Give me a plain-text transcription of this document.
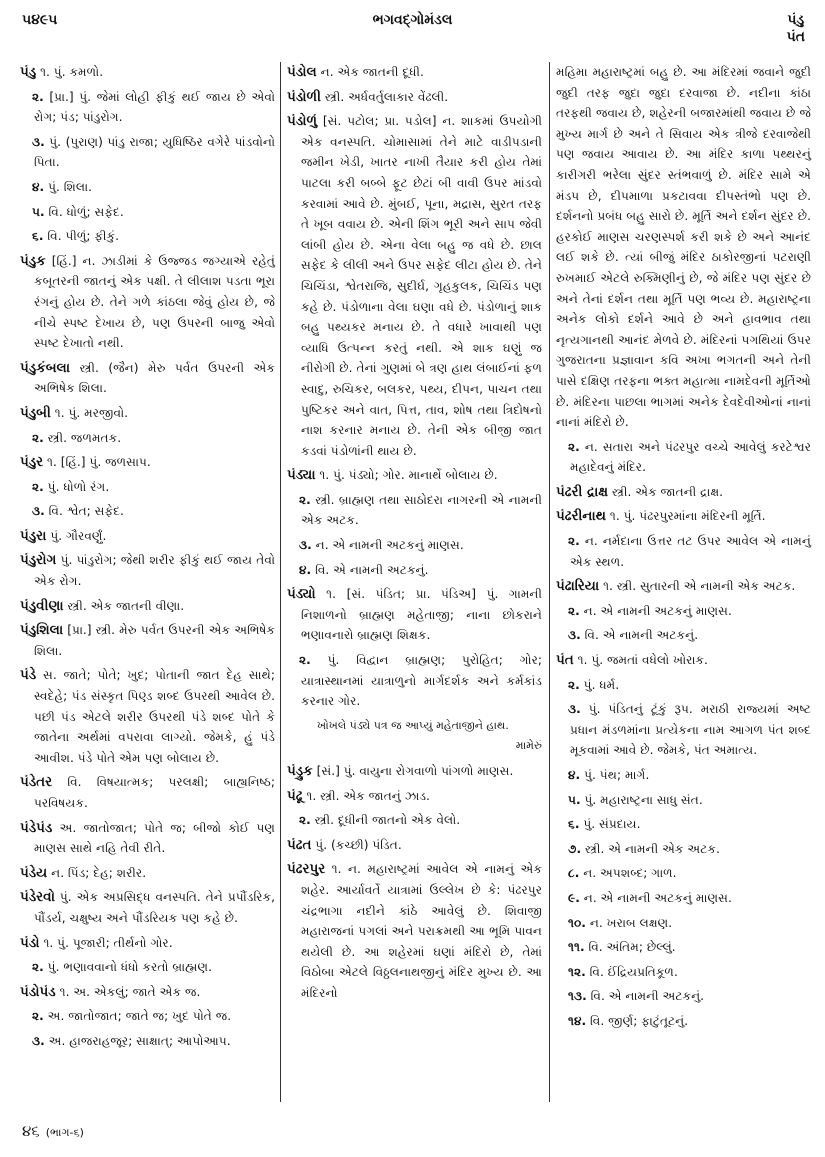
૫૪૯૫	ભગવદ્ગોમંડલ	પંડુ
પંત
પંડુ ૧. પું. કમળો.
૨. [પ્રા.] પું. જેમાં લોહી ફીકું થઈ જાય છે એવો રોગ; પંડ; પાંડુરોગ.
૩. પું. (પુરાણ) પાંડુ રાજા; યુધિષ્ઠિર વગેરે પાંડવોનો પિતા.
૪. પું. શિલા.
૫. વિ. ધોળું; સફેદ.
૬. વિ. પીળું; ફીકું.
પંડુક [હિં.] ન. ઝાડીમાં કે ઉજ્જડ જગ્યાએ રહેતું કબૂતરની જાતનું એક પક્ષી. તે લીલાશ પડતા ભૂરા રંગનું હોય છે. તેને ગળે કાંઠલા જેવું હોય છે, જે નીચે સ્પષ્ટ દેખાય છે, પણ ઉપરની બાજુ એવો સ્પષ્ટ દેખાતો નથી.
પંડુકંબલા સ્ત્રી. (જૈન) મેરુ પર્વત ઉપરની એક અભિષેક શિલા.
પંડુબી ૧. પું. મરજીવો.
૨. સ્ત્રી. જળમતક.
પંડુર ૧. [હિં.] પું. જળસાપ.
૨. પું. ધોળો રંગ.
૩. વિ. શ્વેત; સફેદ.
પંડુરા પું. ગૌરવર્ણું.
પંડુરોગ પું. પાંડુરોગ; જેથી શરીર ફીકું થઈ જાય તેવો એક રોગ.
પંડુવીણા સ્ત્રી. એક જાતની વીણા.
પંડુશિલા [પ્રા.] સ્ત્રી. મેરુ પર્વત ઉપરની એક અભિષેક શિલા.
પંડે સ. જાતે; પોતે; ખુદ; પોતાની જાત દેહ સાથે; સ્વદેહે; પંડ સંસ્કૃત પિણ્ડ શબ્દ ઉપરથી આવેલ છે. પછી પંડ એટલે શરીર ઉપરથી પંડે શબ્દ પોતે કે જાતેના અર્થમાં વપરાવા લાગ્યો. જેમકે, હું પંડે આવીશ. પંડે પોતે એમ પણ બોલાય છે.
પંડેતર વિ. વિષયાત્મક; પરલક્ષી; બાહ્યનિષ્ઠ; પરવિષયક.
પંડેપંડ અ. જાતોજાત; પોતે જ; બીજો કોઈ પણ માણસ સાથે નહિ તેવી રીતે.
પંડેય ન. પિંડ; દેહ; શરીર.
પંડેરવો પું. એક અપ્રસિદ્ધ વનસ્પતિ. તેને પ્રપૌંડરિક, પૌંડર્ય, ચક્ષુષ્ય અને પૌંડરિયક પણ કહે છે.
પંડો ૧. પું. પૂજારી; તીર્થનો ગોર.
૨. પું. ભણાવવાનો ધંધો કરતો બ્રાહ્મણ.
પંડોપંડ ૧. અ. એકલું; જાતે એક જ.
૨. અ. જાતોજાત; જાતે જ; ખુદ પોતે જ.
૩. અ. હાજરાહજૂર; સાક્ષાત્; આપોઆપ.
પંડોલ ન. એક જાતની દૂધી.
પંડોળી સ્ત્રી. અર્ધવર્તુલાકાર વેંઢલી.
પંડોળું [સં. પટોલ; પ્રા. પડોલ] ન. શાકમાં ઉપયોગી એક વનસ્પતિ. ચોમાસામાં તેને માટે વાડીપડાની જમીન ખેડી, ખાતર નાખી તૈયાર કરી હોય તેમાં પાટલા કરી બબ્બે ફૂટ છેટાં બી વાવી ઉપર માંડવો કરવામાં આવે છે. મુંબઈ, પૂના, મદ્રાસ, સુરત તરફ તે ખૂબ વવાય છે. એની શિંગ ભૂરી અને સાપ જેવી લાંબી હોય છે. એના વેલા બહુ જ વધે છે. છાલ સફેદ કે લીલી અને ઉપર સફેદ લીટા હોય છે. તેને ચિચિંડા, શ્વેતરાજિ, સુદીર્ઘ, ગૃહકુલક, ચિચિંડ પણ કહે છે. પંડોળાના વેલા ઘણા વધે છે. પંડોળાનું શાક બહુ પથ્યકર મનાય છે. તે વધારે ખાવાથી પણ વ્યાધિ ઉત્પન્ન કરતું નથી. એ શાક ઘણું જ નીરોગી છે. તેનાં ગુણમાં બે ત્રણ હાથ લંબાઈનાં ફળ સ્વાદુ, રુચિકર, બલકર, પથ્ય, દીપન, પાચન તથા પુષ્ટિકર અને વાત, પિત્ત, તાવ, શોષ તથા ત્રિદોષનો નાશ કરનાર મનાય છે. તેની એક બીજી જાત કડવાં પંડોળાંની થાય છે.
પંડ્યા ૧. પું. પંડ્યો; ગોર. માનાર્થે બોલાય છે.
૨. સ્ત્રી. બ્રાહ્મણ તથા સાઠોદરા નાગરની એ નામની એક અટક.
૩. ન. એ નામની અટકનું માણસ.
૪. વિ. એ નામની અટકનું.
પંડ્યો ૧. [સં. પંડિત; પ્રા. પંડિઅ] પું. ગામની નિશાળનો બ્રાહ્મણ મહેતાજી; નાના છોકરાને ભણાવનારો બ્રાહ્મણ શિક્ષક.
૨. પું. વિદ્વાન બ્રાહ્મણ; પુરોહિત; ગોર; યાત્રાસ્થાનમાં યાત્રાળુનો માર્ગદર્શક અને કર્મકાંડ કરનાર ગોર.
ખોખલે પંડ્યે પત્ર જ આપ્યું મહેતાજીને હાથ.
મામેરું
પંડ્રુક [સં.] પું. વાયુના રોગવાળો પાંગળો માણસ.
પંઢૂ ૧. સ્ત્રી. એક જાતનું ઝાડ.
૨. સ્ત્રી. દૂધીની જાતનો એક વેલો.
પંઢત પું. (કચ્છી) પંડિત.
પંઢરપુર ૧. ન. મહારાષ્ટ્રમાં આવેલ એ નામનું એક શહેર. આર્યાવર્તે યાત્રામાં ઉલ્લેખ છે કે: પંઢરપુર ચંદ્રભાગા નદીને કાંઠે આવેલું છે. શિવાજી મહારાજનાં પગલાં અને પરાક્રમથી આ ભૂમિ પાવન થયેલી છે. આ શહેરમાં ઘણાં મંદિરો છે, તેમાં વિઠોબા એટલે વિઠ્ઠલનાથજીનું મંદિર મુખ્ય છે. આ મંદિરનો
મહિમા મહારાષ્ટ્રમાં બહુ છે. આ મંદિરમાં જવાને જુદી જુદી તરફ જુદા જુદા દરવાજા છે. નદીના કાંઠા તરફથી જવાય છે, શહેરની બજારમાંથી જવાય છે જે મુખ્ય માર્ગ છે અને તે સિવાય એક ત્રીજે દરવાજેથી પણ જવાય આવાય છે. આ મંદિર કાળા પથ્થરનું કારીગરી ભરેલા સુંદર સ્તંભવાળું છે. મંદિર સામે એ મંડપ છે, દીપમાળા પ્રકટાવવા દીપસ્તંભો પણ છે. દર્શનનો પ્રબંધ બહુ સારો છે. મૂર્તિ અને દર્શન સુંદર છે. હરકોઈ માણસ ચરણસ્પર્શ કરી શકે છે અને આનંદ લઈ શકે છે. ત્યાં બીજું મંદિર ઠાકોરજીનાં પટરાણી રુખમાઈ એટલે રુક્મિણીનું છે, જે મંદિર પણ સુંદર છે અને તેનાં દર્શન તથા મૂર્તિ પણ ભવ્ય છે. મહારાષ્ટ્રના અનેક લોકો દર્શને આવે છે અને હાવભાવ તથા નૃત્યગાનથી આનંદ મેળવે છે. મંદિરનાં પગથિયાં ઉપર ગુજરાતના પ્રજ્ઞાવાન કવિ અખા ભગતની અને તેની પાસે દક્ષિણ તરફના ભક્ત મહાત્મા નામદેવની મૂર્તિઓ છે. મંદિરના પાછલા ભાગમાં અનેક દેવદેવીઓનાં નાનાં નાનાં મંદિરો છે.
૨. ન. સતારા અને પંઢરપુર વચ્ચે આવેલું કરટેશ્વર મહાદેવનું મંદિર.
પંઢરી દ્રાક્ષ સ્ત્રી. એક જાતની દ્રાક્ષ.
પંઢરીનાથ ૧. પું. પંઢરપુરમાંના મંદિરની મૂર્તિ.
૨. ન. નર્મદાના ઉત્તર તટ ઉપર આવેલ એ નામનું એક સ્થળ.
પંઢારિયા ૧. સ્ત્રી. સુતારની એ નામની એક અટક.
૨. ન. એ નામની અટકનું માણસ.
૩. વિ. એ નામની અટકનું.
પંત ૧. પું. જમતાં વધેલો ખોરાક.
૨. પું. ધર્મ.
૩. પું. પંડિતનું ટૂંકું રૂપ. મરાઠી રાજ્યમાં અષ્ટ પ્રધાન મંડળમાંના પ્રત્યેકના નામ આગળ પંત શબ્દ મૂકવામાં આવે છે. જેમકે, પંત અમાત્ય.
૪. પું. પંથ; માર્ગ.
૫. પું. મહારાષ્ટ્રના સાધુ સંત.
૬. પું. સંપ્રદાય.
૭. સ્ત્રી. એ નામની એક અટક.
૮. ન. અપશબ્દ; ગાળ.
૯. ન. એ નામની અટકનું માણસ.
૧૦. ન. ખરાબ લક્ષણ.
૧૧. વિ. અંતિમ; છેલ્લું.
૧૨. વિ. ઈંદ્રિયપ્રતિકૂળ.
૧૩. વિ. એ નામની અટકનું.
૧૪. વિ. જીર્ણ; ફાટુંતૂટનું.
૪૬ (ભાગ-૬)
